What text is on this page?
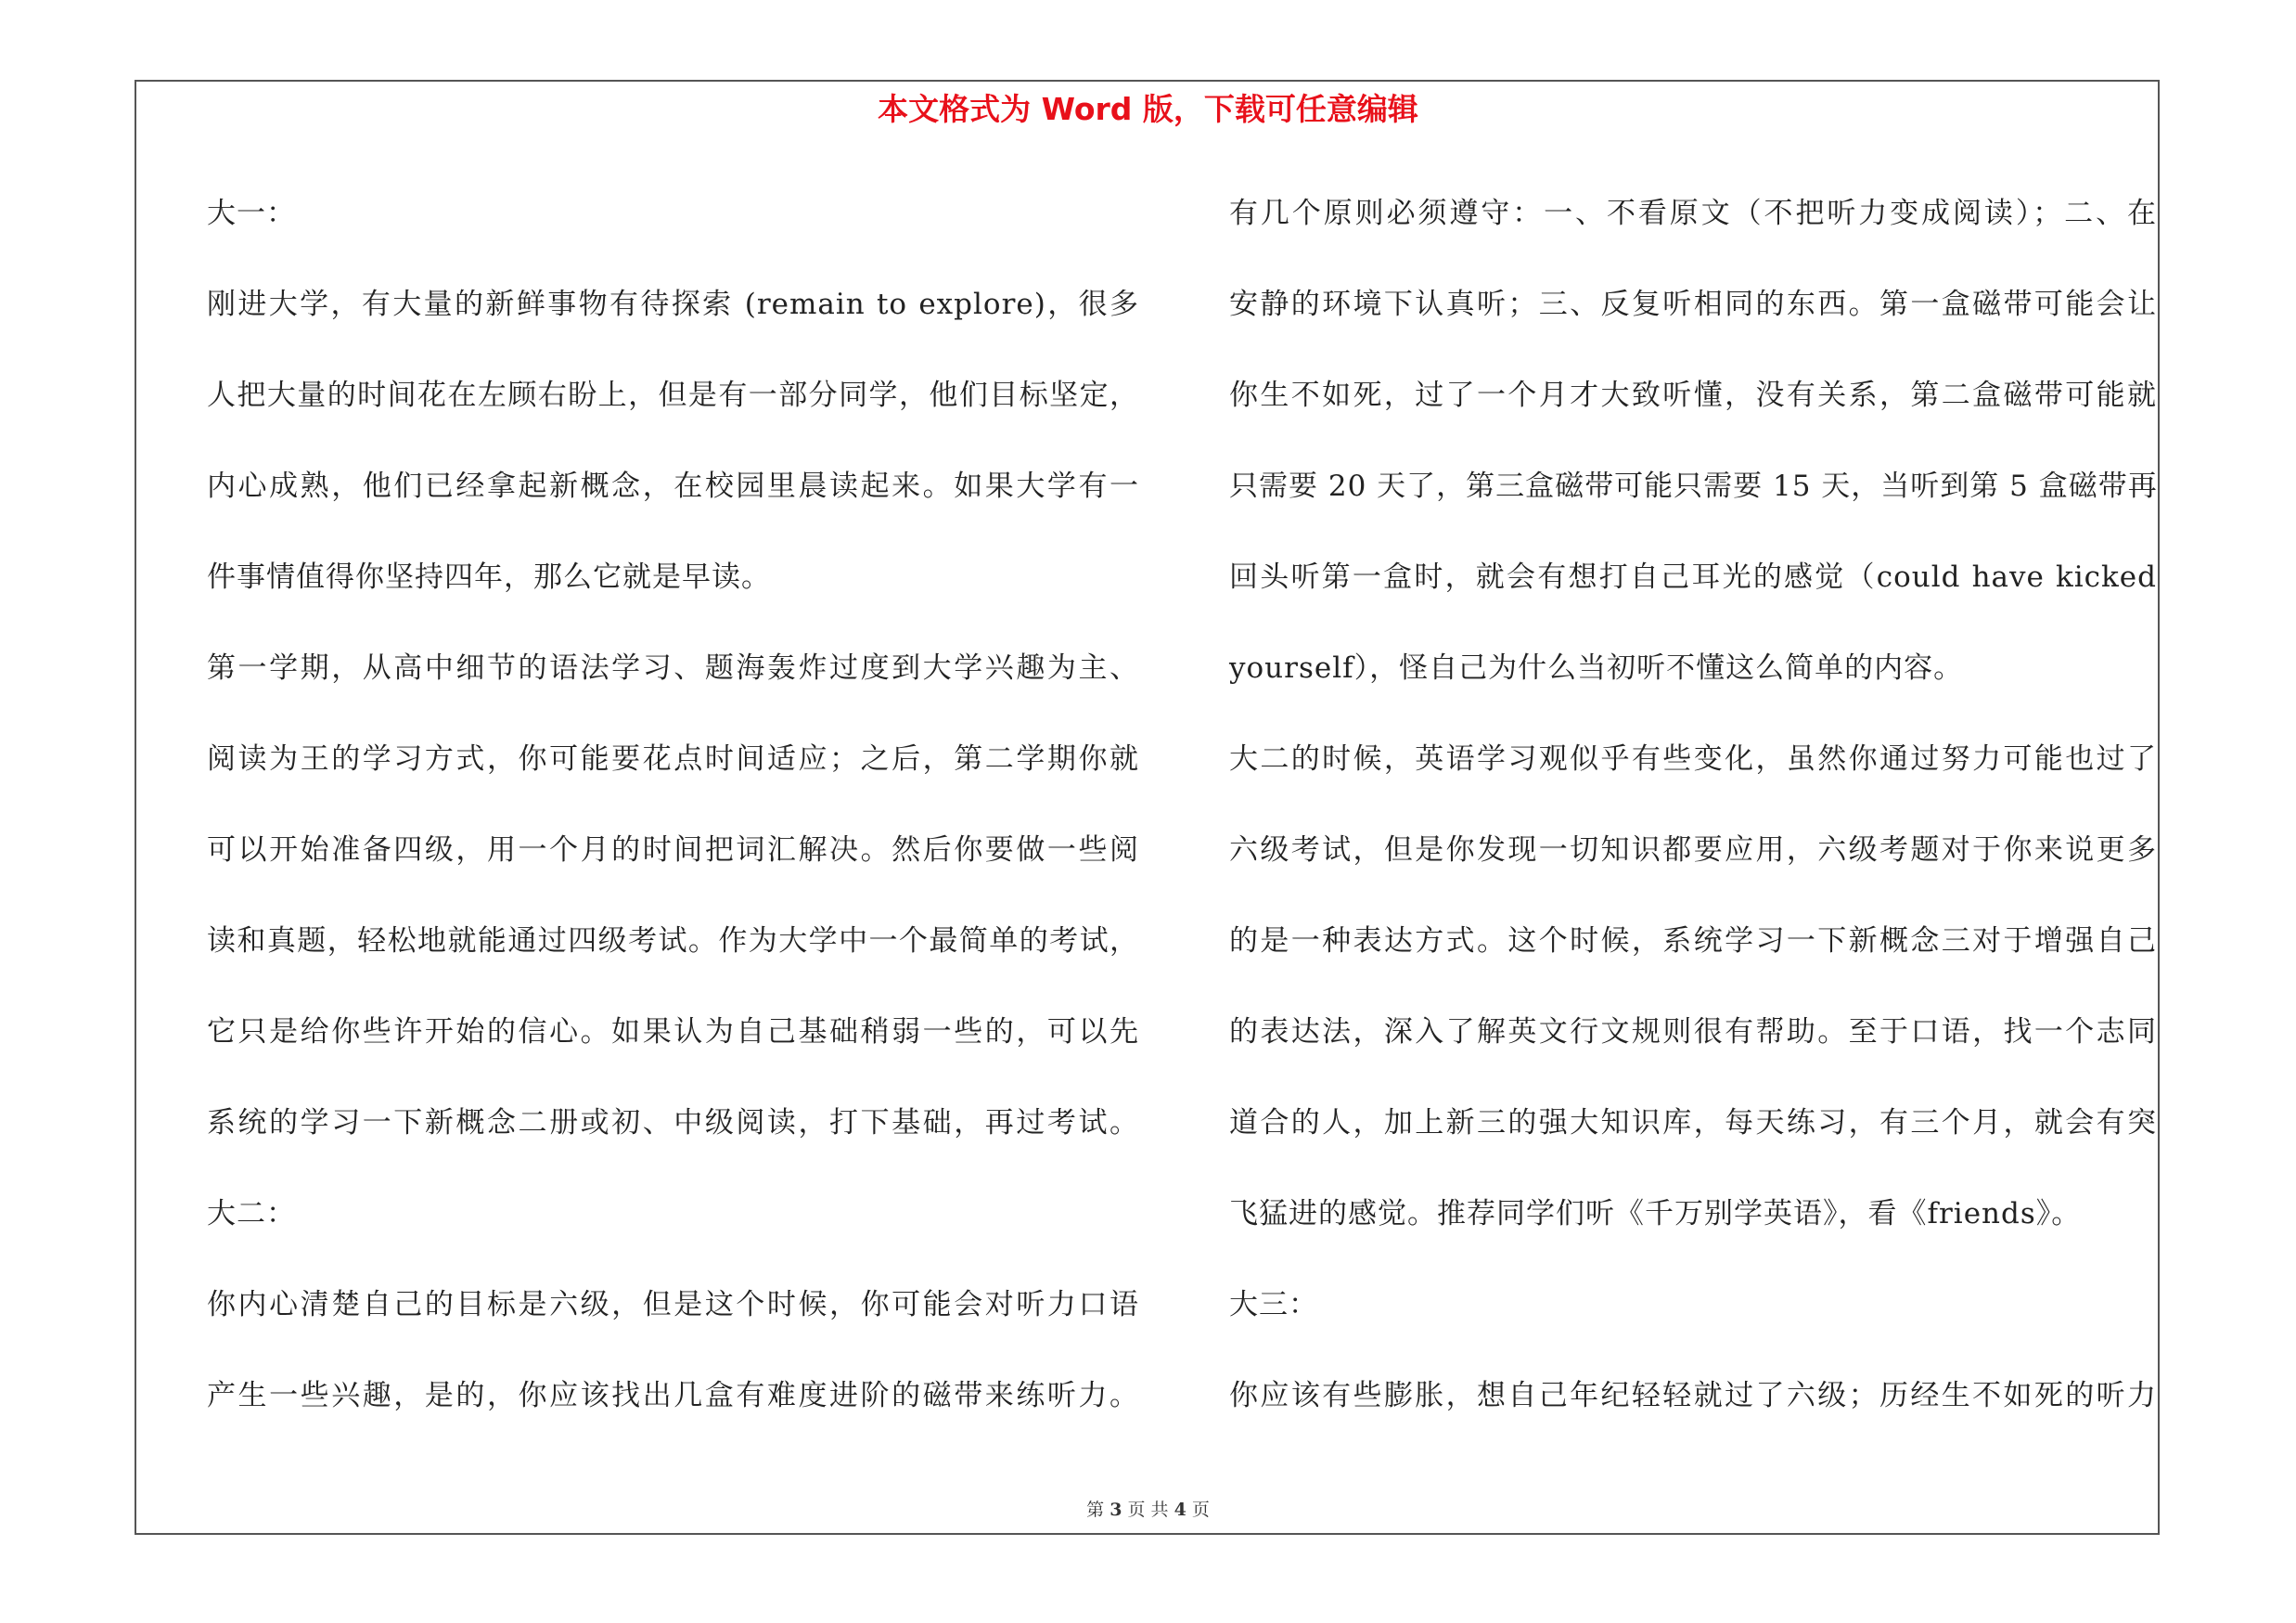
本文格式为 Word 版，下载可任意编辑
大一：
刚进大学，有大量的新鲜事物有待探索 (remain to explore)，很多
人把大量的时间花在左顾右盼上，但是有一部分同学，他们目标坚定，
内心成熟，他们已经拿起新概念，在校园里晨读起来。如果大学有一
件事情值得你坚持四年，那么它就是早读。
第一学期，从高中细节的语法学习、题海轰炸过度到大学兴趣为主、
阅读为王的学习方式，你可能要花点时间适应；之后，第二学期你就
可以开始准备四级，用一个月的时间把词汇解决。然后你要做一些阅
读和真题，轻松地就能通过四级考试。作为大学中一个最简单的考试，
它只是给你些许开始的信心。如果认为自己基础稍弱一些的，可以先
系统的学习一下新概念二册或初、中级阅读，打下基础，再过考试。
大二：
你内心清楚自己的目标是六级，但是这个时候，你可能会对听力口语
产生一些兴趣，是的，你应该找出几盒有难度进阶的磁带来练听力。
有几个原则必须遵守：一、不看原文（不把听力变成阅读）；二、在
安静的环境下认真听；三、反复听相同的东西。第一盒磁带可能会让
你生不如死，过了一个月才大致听懂，没有关系，第二盒磁带可能就
只需要 20 天了，第三盒磁带可能只需要 15 天，当听到第 5 盒磁带再
回头听第一盒时，就会有想打自己耳光的感觉（could have kicked
yourself），怪自己为什么当初听不懂这么简单的内容。
大二的时候，英语学习观似乎有些变化，虽然你通过努力可能也过了
六级考试，但是你发现一切知识都要应用，六级考题对于你来说更多
的是一种表达方式。这个时候，系统学习一下新概念三对于增强自己
的表达法，深入了解英文行文规则很有帮助。至于口语，找一个志同
道合的人，加上新三的强大知识库，每天练习，有三个月，就会有突
飞猛进的感觉。推荐同学们听《千万别学英语》，看《friends》。
大三：
你应该有些膨胀，想自己年纪轻轻就过了六级；历经生不如死的听力
第 3 页 共 4 页
